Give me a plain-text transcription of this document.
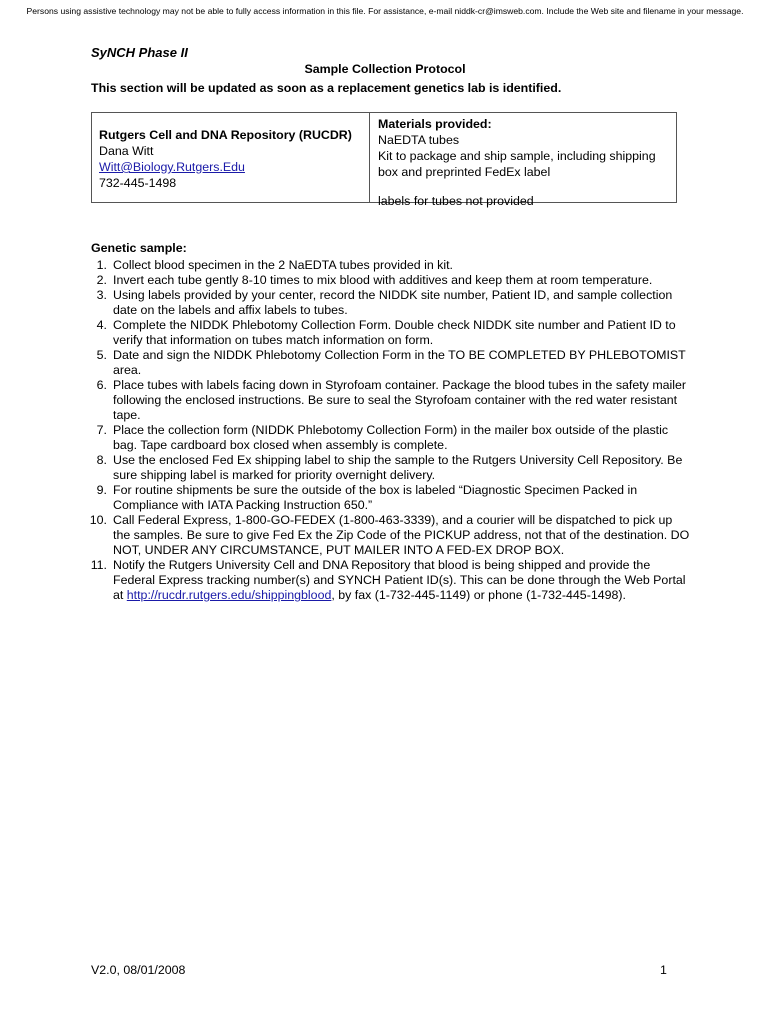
Persons using assistive technology may not be able to fully access information in this file. For assistance, e-mail niddk-cr@imsweb.com. Include the Web site and filename in your message.
SyNCH Phase II
Sample Collection Protocol
This section will be updated as soon as a replacement genetics lab is identified.
Rutgers Cell and DNA Repository (RUCDR)
Dana Witt
Witt@Biology.Rutgers.Edu
732-445-1498
Materials provided:
NaEDTA tubes
Kit to package and ship sample, including shipping box and preprinted FedEx label
labels for tubes not provided
Genetic sample:
1. Collect blood specimen in the 2 NaEDTA tubes provided in kit.
2. Invert each tube gently 8-10 times to mix blood with additives and keep them at room temperature.
3. Using labels provided by your center, record the NIDDK site number, Patient ID, and sample collection date on the labels and affix labels to tubes.
4. Complete the NIDDK Phlebotomy Collection Form. Double check NIDDK site number and Patient ID to verify that information on tubes match information on form.
5. Date and sign the NIDDK Phlebotomy Collection Form in the TO BE COMPLETED BY PHLEBOTOMIST area.
6. Place tubes with labels facing down in Styrofoam container. Package the blood tubes in the safety mailer following the enclosed instructions. Be sure to seal the Styrofoam container with the red water resistant tape.
7. Place the collection form (NIDDK Phlebotomy Collection Form) in the mailer box outside of the plastic bag. Tape cardboard box closed when assembly is complete.
8. Use the enclosed Fed Ex shipping label to ship the sample to the Rutgers University Cell Repository. Be sure shipping label is marked for priority overnight delivery.
9. For routine shipments be sure the outside of the box is labeled “Diagnostic Specimen Packed in Compliance with IATA Packing Instruction 650.”
10. Call Federal Express, 1-800-GO-FEDEX (1-800-463-3339), and a courier will be dispatched to pick up the samples. Be sure to give Fed Ex the Zip Code of the PICKUP address, not that of the destination. DO NOT, UNDER ANY CIRCUMSTANCE, PUT MAILER INTO A FED-EX DROP BOX.
11. Notify the Rutgers University Cell and DNA Repository that blood is being shipped and provide the Federal Express tracking number(s) and SYNCH Patient ID(s). This can be done through the Web Portal at http://rucdr.rutgers.edu/shippingblood, by fax (1-732-445-1149) or phone (1-732-445-1498).
V2.0, 08/01/2008	1
